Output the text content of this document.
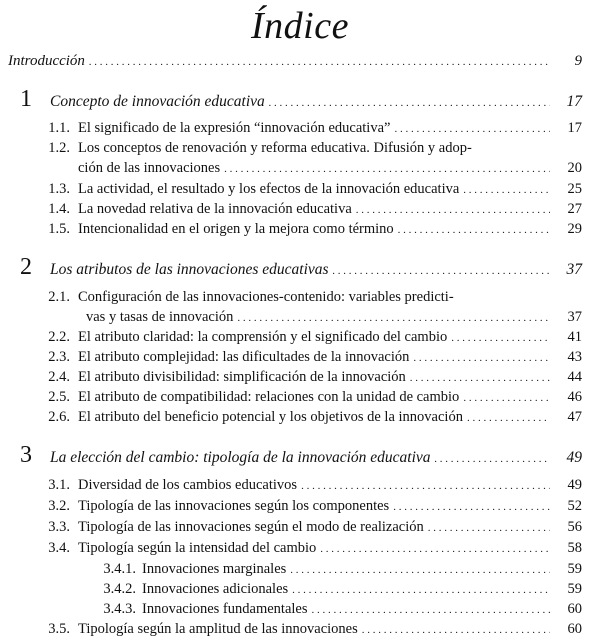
Índice
Introducción . . .	9
1	Concepto de innovación educativa . . .	17
1.1. El significado de la expresión “innovación educativa” . . .	17
1.2. Los conceptos de renovación y reforma educativa. Difusión y adop-
ción de las innovaciones . . .	20
1.3. La actividad, el resultado y los efectos de la innovación educativa . . .	25
1.4. La novedad relativa de la innovación educativa . . .	27
1.5. Intencionalidad en el origen y la mejora como término . . .	29
2	Los atributos de las innovaciones educativas . . .	37
2.1. Configuración de las innovaciones-contenido: variables predicti-
vas y tasas de innovación . . .	37
2.2. El atributo claridad: la comprensión y el significado del cambio . . .	41
2.3. El atributo complejidad: las dificultades de la innovación . . .	43
2.4. El atributo divisibilidad: simplificación de la innovación . . .	44
2.5. El atributo de compatibilidad: relaciones con la unidad de cambio . . .	46
2.6. El atributo del beneficio potencial y los objetivos de la innovación . . .	47
3	La elección del cambio: tipología de la innovación educativa . . .	49
3.1. Diversidad de los cambios educativos . . .	49
3.2. Tipología de las innovaciones según los componentes . . .	52
3.3. Tipología de las innovaciones según el modo de realización . . .	56
3.4. Tipología según la intensidad del cambio . . .	58
3.4.1. Innovaciones marginales . . .	59
3.4.2. Innovaciones adicionales . . .	59
3.4.3. Innovaciones fundamentales . . .	60
3.5. Tipología según la amplitud de las innovaciones . . .	60
